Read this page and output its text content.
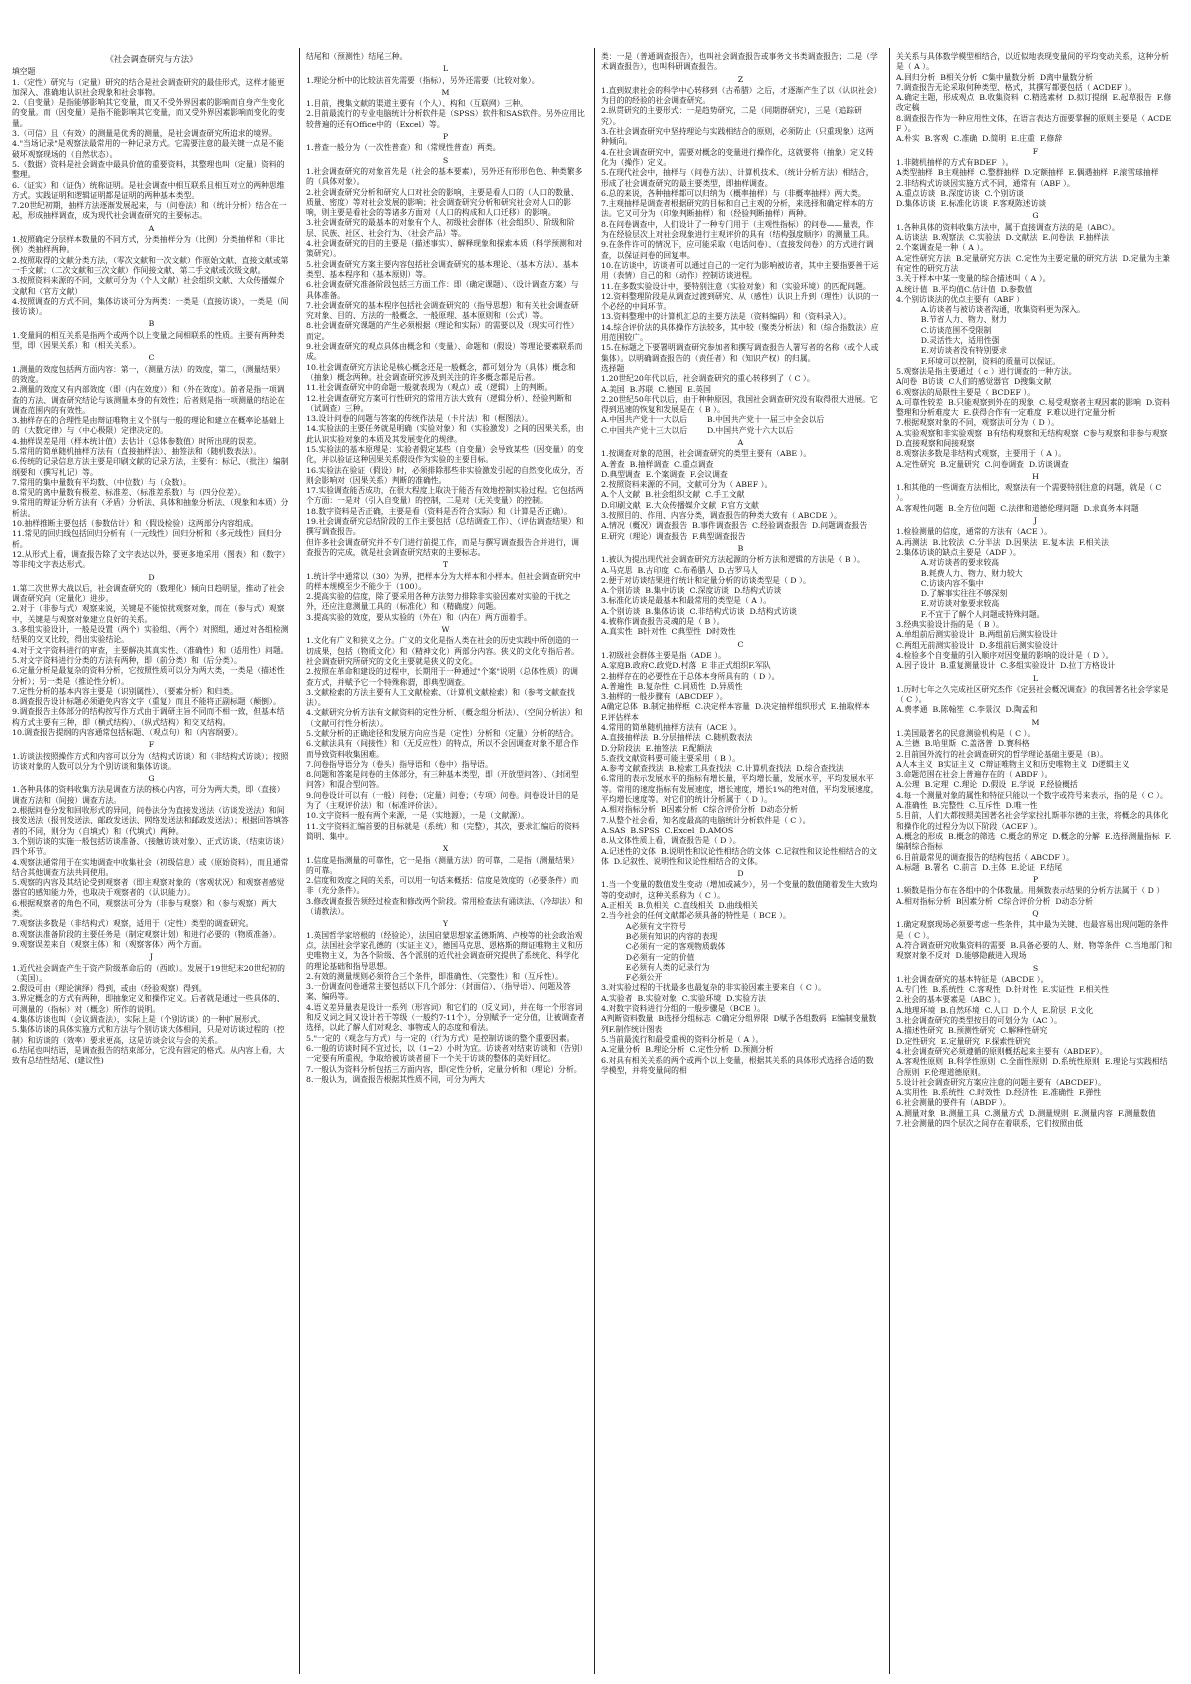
《社会调查研究与方法》
填空题
1.（定性）研究与（定量）研究的结合是社会调查研究的最佳形式，这样才能更加深入、准确地认识社会现象和社会事物。
2.（自变量）是指能够影响其它变量，而又不受外界因素的影响而自身产生变化的变量。而（因变量）是指不能影响其它变量，而又受外界因素影响而变化的变量。
3.（可信）且（有效）的测量是优秀的测量，是社会调查研究所追求的境界。
4."当场记录"是观察法最常用的一种记录方式。它需要注意的最关键一点是不能破坏观察现场的（自然状态）。
5.（数据）资料是社会调查中最具价值的重要资料，其整理也叫（定量）资料的整理。
6.（证实）和（证伪）统称证明。是社会调查中相互联系且相互对立的两种思维方式。实践证明和逻辑证明都是证明的两种基本类型。
7.20世纪初期，抽样方法逐渐发展起来，与（问卷法）和（统计分析）结合在一起，形成抽样调查，成为现代社会调查研究的主要标志。
A
1.按照确定分层样本数量的不同方式，分类抽样分为（比例）分类抽样和（非比例）类抽样两种。
2.按照取得的文献分类方法，（零次文献和一次文献）作原始文献、直接文献或第一手文献；（二次文献和三次文献）作间接文献、第二手文献或次级文献。
3.按照资料来源的不同，文献可分为（个人文献）社会组织文献、大众传播媒介文献和（官方文献）
4.按照调查的方式不同，集体访谈可分为两类：一类是（直接访谈），一类是（间接访谈）。
B
1.变量间的相互关系是指两个或两个以上变量之间相联系的性质。主要有两种类型，即（因果关系）和（相关关系）。
C
1.测量的效度包括两方面内容：第一，（测量方法）的效度，第二，（测量结果）的效度。
2.测量的效度又有内部效度（即（内在效度））和（外在效度）。前者是指一项调查的方法、调查研究结论与该测量本身的有效性；后者则是指一项测量的结论在调查范围内的有效性。
3.抽样存在的合理性是由辩证唯物主义个别与一般的理论和建立在概率论基础上的（大数定律）与（中心极限）定律决定的。
4.抽样误差是用（样本统计值）去估计（总体参数值）时所出现的误差。
5.常用的简单随机抽样方法有（直接抽样法）、抽签法和（随机数表法）。
6.传统的记录信息方法主要是印刷文献的记录方法，主要有：标记、（批注）编制纲要和（撰写札记）等。
7.常用的集中量数有平均数、（中位数）与（众数）。
8.常见的离中量数有极差、标准差、（标准差系数）与（四分位差）。
9.常用的辩证分析方法有（矛盾）分析法、具体和抽象分析法、（现象和本质）分析法。
10.抽样推断主要包括（参数估计）和（假设检验）这两部分内容组成。
11.常见的回归线包括回归分析有（一元线性）回归分析和（多元线性）回归分析。
12.从形式上看，调查报告除了文字表达以外，要更多地采用（图表）和（数字）等非纯文字表达形式。
D
1.第二次世界大战以后，社会调查研究的（数理化）倾向日趋明显，推动了社会调查研究向（定量化）进步。
2.对于（非参与式）观察来说，关键是不能惊扰观察对象，而在（参与式）观察中，关键是与观察对象建立良好的关系。
3.多组实验设计，一般是设置（两个）实验组、（两个）对照组，通过对各组检测结果的交叉比较，得出实验结论。
4.对于文字资料进行的审查，主要解决其真实性、（准确性）和（适用性）问题。
5.对文字资料进行分类的方法有两种，即（前分类）和（后分类）。
6.定量分析是最复杂的资料分析，它按照性质可以分为两大类，一类是（描述性分析）；另一类是（推论性分析）。
7.定性分析的基本内容主要是（识别属性）、（要素分析）和归类。
8.调查报告设计标题必须避免内容文字（重复）而且不能将正副标题（颠倒）。
9.调查报告主体部分的结构按写作方式由于调研主旨不同而不相一致，但基本结构方式主要有三种，即（横式结构）、（纵式结构）和交叉结构。
10.调查报告提纲的内容通常包括标题、（观点句）和（内容纲要）。
F
1.访谈法按照操作方式和内容可以分为（结构式访谈）和（非结构式访谈）；按照访谈对象的人数可以分为个别访谈和集体访谈。
G
1.各种具体的资料收集方法是调查方法的核心内容，可分为两大类，即（直接）调查方法和（间接）调查方法。
2.根据问卷分发和回收形式的异同，问卷法分为直接发送法（访谈发送法）和间接发送法（报刊发送法、邮政发送法、网络发送法和邮政发送法）；根据回答填答者的不同，则分为（自填式）和（代填式）两种。
3.个别访谈的实施一般包括访谈准备、（接触访谈对象）、正式访谈、（结束访谈）四个环节。
4.观察法通常用于在实地调查中收集社会（初级信息）或（原始资料），而且通常结合其他调查方法共同使用。
5.观察的内容及其结论受到观察者（即主观察对象的（客观状况）和观察者感觉器官的感知能力外，也取决于观察者的（认识能力）。
6.根据观察者的角色不同，观察法可分为（非参与观察）和（参与观察）两大类。
7.观察法多数是（非结构式）观察，适用于（定性）类型的调查研究。
8.观察法准备阶段的主要任务是（制定观察计划）和进行必要的（物质准备）。
9.观察误差来自（观察主体）和（观察客体）两个方面。
J
1.近代社会调查产生于资产阶级革命后的（西欧）。发展于19世纪末20世纪初的（美国）。
2.假设可由（理论演绎）得到，或由（经验观察）得到。
3.界定概念的方式有两种，即抽象定义和操作定义。后者就是通过一些具体的、可测量的（指标）对（概念）所作的说明。
4.集体访谈也叫（会议调查法），实际上是（个别访谈）的一种扩展形式。
5.集体访谈的具体实施方式和方法与个别访谈大体相同，只是对访谈过程的（控制）和访谈的（效率）要求更高，这是访谈会议与会的关系。
6.结尾也叫结语，是调查报告的结束部分，它没有固定的格式。从内容上看，大致有总结性结尾、(建议性)
结尾和（预测性）结尾三种。
L
1.理论分析中的比较法首先需要（指标），另外还需要（比较对象）。
M
1.目前，搜集文献的渠道主要有（个人）、构和（互联网）三种。
2.目前最流行的专业电脑统计分析软件是（SPSS）软件和SAS软件。另外应用比较普遍的还有Office中的（Excel）等。
P
1.普查一般分为（一次性普查）和（常规性普查）两类。
S
1.社会调查研究的对象首先是（社会的基本要素），另外还有形形色色、种类繁多的（具体对象）。
2.社会调查研究分析和研究人口对社会的影响，主要是看人口的（人口的数量、质量、密度）等对社会发展的影响；社会调查研究分析和研究社会对人口的影响，则主要是看社会的等诸多方面对（人口的构成和人口迁移）的影响。
3.社会调查研究的最基本的对象有个人、初级社会群体（社会组织）、阶级和阶层、民族、社区、社会行为、（社会产品）等。
4.社会调查研究的目的主要是（描述事实）、解释现象和探索本质（科学预测和对策研究）。
5.社会调查研究方案主要内容包括社会调查研究的基本理论、（基本方法）、基本类型、基本程序和（基本原则）等。
6.社会调查研究准备阶段包括三方面工作：即（确定课题）、（设计调查方案）与具体准备。
7.社会调查研究的基本程序包括社会调查研究的（指导思想）和有关社会调查研究对象、目的、方法的一般概念、一般原理、基本原则和（公式）等。
8.社会调查研究课题的产生必须根据（理论和实际）的需要以及（现实可行性）而定。
9.社会调查研究的观点具体由概念和（变量）、命题和（假设）等理论要素联系而成。
10.社会调查研究方法论是核心概念还是一般概念，都可划分为（具体）概念和（抽象）概念两种。社会调查研究涉及到关注的许多概念都是后者。
11.社会调查研究中的命题一般就表现为（观点）或（逻辑）上的判断。
12.社会调查研究方案可行性研究的常用方法大致有（逻辑分析）、经验判断和（试调查）三种。
13.设计问卷的问题与答案的传统作法是（卡片法）和（框图法）。
14.实验法的主要任务就是明确（实验对象）和（实验激发）之间的因果关系，由此认识实验对象的本质及其发展变化的规律。
15.实验法的基本原理是：实验者假定某些（自变量）会导致某些（因变量）的变化，并以验证这种因果关系假设作为实验的主要目标。
16.实验法在验证（假设）时，必须排除那些非实验激发引起的自然变化成分，否则会影响对（因果关系）判断的准确性。
17.实验调查能否成功，在很大程度上取决于能否有效地控制实验过程。它包括两个方面：一是对（引入自变量）的控制，二是对（无关变量）的控制。
18.数字资料是否正确，主要是看（资料是否符合实际）和（计算是否正确）。
19.社会调查研究总结阶段的工作主要包括（总结调查工作）、（评估调查结果）和撰写调查报告。
但许多社会调查研究并不专门进行前提工作，而是与撰写调查报告合并进行，调查报告的完成，就是社会调查研究结束的主要标志。
T
1.统计学中通常以（30）为界，把样本分为大样本和小样本。但社会调查研究中的样本规模至少不能少于（100）。
2.提高实验的信度，除了要采用各种方法努力排除非实验因素对实验的干扰之外，还应注意测量工具的（标准化）和（精确度）问题。
3.提高实验的效度，要从实验的（外在）和（内在）两方面着手。
W
1.文化有广义和狭义之分。广义的文化是指人类在社会的历史实践中所创造的一切成果，包括（物质文化）和（精神文化）两部分内容。狭义的文化专指后者。社会调查研究所研究的文化主要就是狭义的文化。
2.按照在革命和建设的过程中，长期用于一种通过"个案"说明（总体性质）的调查方式，并赋予它一个特殊称谓，即典型调查。
3.文献检索的方法主要有人工文献检索、（计算机文献检索）和（参考文献查找法）。
4.文献研究分析方法有文献资料的定性分析、（概念组分析法）、（空间分析法）和（文献可行性分析法）。
5.文献分析的正确途径和发展方向应当是（定性）分析和（定量）分析的结合。
6.文献法具有（间接性）和（无反应性）的特点，所以不会因调查对象不愿合作而导致资料收集困难。
7.问卷指导语分为（卷头）指导语和（卷中）指导语。
8.问题和答案是问卷的主体部分，有三种基本类型，即（开放型问答）、（封闭型问答）和混合型问答。
9.问卷设计可以有（一般）问卷；（定量）问卷；（专项）问卷。问卷设计目的是为了（主观评价法）和（标准评价法）。
10.文字资料一般有两个来源，一是（实地源），一是（文献源）。
11.文字资料汇编首要的目标就是（系统）和（完整），其次，要求汇编后的资料简明、集中。
X
1.信度是指测量的可靠性，它一是指（测量方法）的可靠，二是指（测量结果）的可靠。
2.信度和效度之间的关系，可以用一句话来概括：信度是效度的（必要条件）而非（充分条件）。
3.修改调查报告须经过检查和修改两个阶段。常用检查法有诵读法、（冷却法）和（请教法）。
Y
1.英国哲学家培根的（经验论），法国启蒙思想家孟德斯鸠、卢梭等的社会政治观点，法国社会学家孔德的（实证主义），德国马克思、恩格斯的辩证唯物主义和历史唯物主义，为各个阶级、各个派别的近代社会调查研究提供了系统化、科学化的理论基础和指导思想。
2.有效的测量规则必须符合三个条件，即准确性、（完整性）和（互斥性）。
3.一份调查问卷通常主要包括以下几个部分：（封面信）、（指导语）、问题及答案、编码等。
4.语义差异量表是设计一系列（形容词）和它们的（反义词），并在每一个形容词和反义词之间又设计若干等级（一般约7-11个），分别赋予一定分值，让被调查者选择，以此了解人们对观念、事物或人的态度和看法。
5."一定的（观念与方式）与一定的（行为方式）是控制访谈的整个重要因素。
6.一般的访谈时间不宜过长，以（1~2）小时为宜。访谈者对结束访谈和（告别）一定要有所重视，争取给被访谈者留下一个关于访谈的整体的美好回忆。
7.一般认为资料分析包括三方面内容，即(定性分析，定量分析和（理论）分析。
8.一般认为，调查报告根据其性质不同，可分为两大
类：一是（普通调查报告），也叫社会调查报告或事务文书类调查报告；二是（学术调查报告），也叫科研调查报告。
Z
1.直到奴隶社会的科学中心转移到（古希腊）之后，才逐渐产生了以（认识社会）为目的的经验的社会调查研究。
2.纵贯研究的主要形式：一是趋势研究，二是（同期群研究），三是（追踪研究）。
3.在社会调查研究中坚持理论与实践相结合的原则，必须防止（只重现象）这两种倾向。
4.在社会调查研究中，需要对概念的变量进行操作化，这就要将（抽象）定义转化为（操作）定义。
5.在现代社会中，抽样与（问卷方法）、计算机技术、（统计分析方法）相结合，形成了社会调查研究的最主要类型，即抽样调查。
6.总的来说，各种抽样都可以归纳为（概率抽样）与（非概率抽样）两大类。
7.主观抽样是调查者根据研究的目标和自己主观的分析，来选择和确定样本的方法。它又可分为（印象判断抽样）和（经验判断抽样）两种。
8.在问卷调查中，人们设计了一种专门用于（主观性指标）的问卷——量表，作为在经验层次上对社会现象进行主观评价的具有（结构强度顺序）的测量工具。
9.在条件许可的情况下，应可能采取（电话问卷）、（直接发问卷）的方式进行调查，以保证问卷的回复率。
10.在访谈中，访谈者可以通过自己的一定行为影响被访者，其中主要指要善于运用（表情）自己的和（动作）控制访谈进程。
11.在多数实验设计中，要特别注意（实验对象）和（实验环境）的匹配问题。
12.资料整理阶段是从调查过渡到研究、从（感性）认识上升到（理性）认识的一个必经的中间环节。
13.资料整理中的计算机汇总的主要方法是（资料编码）和（资料录入）。
14.综合评价法的具体操作方法较多，其中较（聚类分析法）和（综合指数法）应用范围较广。
15.在标题之下要署明调查研究参加者和撰写调查报告人署写者的名称（或个人或集体）。以明确调查报告的（责任者）和（知识产权）的归属。
选择题
1.20世纪20年代以后，社会调查研究的重心转移到了（ C ）。
A.美国  B.苏联  C.德国  E.英国
2.20世纪50年代以后，由于种种原因，我国社会调查研究没有取得很大进展。它得到迅速的恢复和发展是在（ B ）。
A.中国共产党十一大以后        B.中国共产党十一届三中全会以后
C.中国共产党十三大以后        D.中国共产党十六大以后
A
1.按调查对象的范围，社会调查研究的类型主要有（ABE ）。
A.普查  B.抽样调查  C.重点调查
D.典型调查  E.个案调查  F.会议调查
2.按照资料来源的不同，文献可分为（ ABEF ）。
A.个人文献  B.社会组织文献  C.手工文献
D.印刷文献  E.大众传播媒介文献  F.官方文献
3.按照目的、作用、内容分类，调查报告的种类大致有（ ABCDE ）。
A.情况（概况）调查报告  B.事件调查报告  C.经验调查报告  D.问题调查报告  E.研究（理论）调查报告  F.典型调查报告
B
1.被认为提出现代社会调查研究方法起源的分析方法和逻辑的方法是（ B ）。
A.马克思  B.古印度  C.布希腊人  D.古罗马人
2.便于对访谈结果进行统计和定量分析的访谈类型是（ D ）。
A.个别访谈  B.集中访谈  C.深度访谈  D.结构式访谈
3.标准化访谈是最基本和最常用的类型是（ A ）。
A.个别访谈  B.集体访谈  C.非结构式访谈  D.结构式访谈
4.被称作调查报告灵魂的是（ B ）。
A.真实性  B针对性  C典型性  D时效性
C
1.初级社会群体主要是指（ADE ）。
A.家庭B.政府C.政党D.村落  E 非正式组织F.军队
2.抽样存在的必要性在于总体本身所具有的（ D ）。
A.普遍性  B.复杂性  C.同质性  D.异质性
3.抽样的一般步骤有（ABCDEF ）。
A确定总体  B.制定抽样框  C.决定样本容量  D.决定抽样组织形式  E.抽取样本  F.评估样本
4.常用的简单随机抽样方法有（ACE ）。
A.直接抽样法  B.分层抽样法  C.随机数表法
D.分阶段法  E.抽签法  F.配额法
5.查找文献资料要可能主要采用（ B ）。
A.参考文献查找法  B.检索工具查找法  C.计算机查找法  D.综合查找法
6.常用的表示发展水平的指标有增长量，平均增长量，发展水平，平均发展水平等。常用的速度指标有发展速度，增长速度，增长1%的绝对值，平均发展速度，平均增长速度等。对它们的统计分析属于（ D ）。
A.相对指标分析  B因素分析  C综合评价分析  D动态分析
7.从整个社会看，知名度最高的电脑统计分析软件是（ C ）。
A.SAS  B.SPSS  C.Excel  D.AMOS
8.从文体性质上看，调查报告是（ D ）。
A.记述性的文体  B.说明性和议论性相结合的文体  C.记叙性和议论性相结合的文体  D.记叙性、说明性和议论性相结合的文体。
D
1.当一个变量的数值发生变动（增加或减少），另一个变量的数值随着发生大致均等的变动时，这种关系称为（ C ）。
A.正相关  B.负相关  C.直线相关  D.曲线相关
2.当今社会的任何文献都必须具备的特性是（ BCE ）。
A必须有文字符号
B必须有知识的内容的表现
C必须有一定的客观物质载体
D必须有一定的价值
E必须有人类的记录行为
F必须公开
3.对实验过程的干扰最多也最复杂的非实验因素主要来自（ C ）。
A.实验者  B.实验对象  C.实验环境  D.实验方法
4.对数字资料进行分组的一般步骤是（BCE ）。
A判断资料数量  B选择分组标志  C确定分组界限  D赋予各组数码  E编制变量数列F.制作统计图表
5.当前最流行和最受重视的资料分析是（ A ）。
A.定量分析  B.理论分析  C.定性分析  D.预测分析
6.对具有相关关系的两个或两个以上变量，根据其关系的具体形式选择合适的数学模型，并将变量间的相
关关系与具体数学模型相结合，以近似地表现变量间的平均变动关系，这种分析是（ A ）。
A.回归分析  B相关分析  C集中量数分析  D离中量数分析
7.调查报告无论采取何种类型、格式，其撰写都要包括（ ACDEF ）。
A.确定主题，形成观点  B.收集资料  C.精选素材  D.拟订提纲  E.起草报告  F.修改定稿
8.调查报告作为一种应用性文体，在语言表达方面要掌握的原则主要是（ ACDEF ）。
A.朴实  B.客观  C.准确  D.简明  E.庄重  F.修辞
F
1.非随机抽样的方式有BDEF  ）。
A类型抽样  B主观抽样  C.整群抽样  D.定额抽样  E.偶遇抽样  F.滚雪球抽样
2.非结构式访谈因实施方式不同，通常有（ABF ）。
A.重点访谈  B.深度访谈  C.个别访谈
D.集体访谈  E.标准化访谈  F.客观陈述访谈
G
1.各种具体的资料收集方法中，属于直接调查方法的是（ABC）。
A.访谈法  B.观察法  C.实验法  D.文献法  E.问卷法  F.抽样法
2.个案调查是一种（ A ）。
A.定性研究方法  B.定量研究方法  C.定性为主要定量的研究方法  D.定量为主兼有定性的研究方法
3.关于样本中某一变量的综合描述叫（ A ）。
A.统计值  B.平均值C.估计值  D.参数值
4.个别访谈法的优点主要有（ABF ）
A.访谈者与被访谈者沟通，收集资料更为深入。
B.节省人力、物力、财力
C.访谈范围不受限制
D.灵活性大，适用性强
E.对访谈者没有特别要求
F.环境可以控制，资料的质量可以保证。
5.观察法是指主要通过（ c ）进行调查的一种方法。
A问卷  B访谈  C人们的感觉器官  D搜集文献
6.观察法的局限性主要是（ BCDEF ）。
A.可靠性较差  B.只能观察到外在的现象  C.易受观察者主观因素的影响  D.资料整理和分析难度大  E.获得合作有一定难度  F.难以进行定量分析
7.根据观察对象的不同，观察法可分为（ D ）。
A.实验观察和非实验观察  B有结构观察和无结构观察  C参与观察和非参与观察  D.直接观察和间接观察
8.观察法多数是非结构式观察，主要用于（ A ）。
A.定性研究  B.定量研究  C.问卷调查  D.访谈调查
H
1.和其他的一些调查方法相比，观察法有一个需要特别注意的问题，就是（ C ）。
A.客观性问题  B.全方位问题  C.法律和道德伦理问题  D.求真务本问题
J
1.检验测量的信度，通常的方法有（ACE ）。
A.再测法  B.比较法  C.分半法  D.因果法  E.复本法  F.相关法
2.集体访谈的缺点主要是（ADF ）。
A.对访谈者的要求较高
B.耗费人力、物力、财力较大
C.访谈内容不集中
D.了解事实往往不够深刻
E.对访谈对象要求较高
F.不宜于了解个人问题或特殊问题。
3.经典实验设计指的是（ B ）。
A.单组前后测实验设计  B.两组前后测实验设计
C.两组无前测实验设计  D.多组前后测实验设计
4.检验多个自变量的引入顺序对因变量的影响的设计是（ D ）。
A.因子设计  B.重复测量设计  C.多组实验设计  D.拉丁方格设计
L
1.历时七年之久完成社区研究杰作《定县社会概况调查》的我国著名社会学家是（ C ）。
A.费孝通  B.陈翰笙  C.李景汉  D.陶孟和
M
1.美国最著名的民意测验机构是（ C ）。
A.兰德  B.哈里斯  C.盖洛普  D.赛科格
2.目前国外流行的社会调查研究的哲学理论基础主要是（B）。
A人本主义  B实证主义  C辩证唯物主义和历史唯物主义  D逻辑主义
3.命题范围在社会上普遍存在的（ ABDF ）。
A.公理  B.定理  C.理论  D.假设  E.学说  F.经验概括
4.每一个测量对象的属性和特征只能以一个数字或符号来表示，指的是（ C ）。
A.准确性  B.完整性  C.互斥性  D.唯一性
5.目前，人们大都按照美国著名社会学家拉扎斯菲尔德的主张，将概念的具体化和操作化的过程分为以下阶段（ACEF ）。
A.概念的形成  B.概念的筛选  C.概念的界定  D.概念的分解  E.选择测量指标  F.编制综合指标
6.目前最常见的调查报告的结构包括（ ABCDF ）。
A.标题  B.署名  C.前言  D.主体  E.论证  F.结尾
P
1.频数是指分布在各组中的个体数量。用频数表示结果的分析方法属于（ D ）
A.相对指标分析  B因素分析  C综合评价分析  D动态分析
Q
1.确定观察现场必须要考虑一些条件，其中最为关键、也最容易出现问题的条件是（ C ）。
A.符合调查研究收集资料的需要  B.具备必要的人、财、物等条件  C.当地部门和观察对象不反对  D.能够隐蔽进入现场
S
1.社会调查研究的基本特征是（ABCDE ）。
A.专门性  B.系统性  C.客观性  D.针对性  E.实证性  F.相关性
2.社会的基本要素是（ABC ）。
A.地理环境  B.自然环境  C.人口  D.个人  E.阶层  F.文化
3.社会调查研究的类型按目的可划分为（AC ）。
A.描述性研究  B.预测性研究  C.解释性研究
D.定性研究  E.定量研究  F.探索性研究
4.社会调查研究必须遵循的原则概括起来主要有（ABDEF）。
A.客观性原则  B.科学性原则  C.全面性原则  D.系统性原则  E.理论与实践相结合原则  F.伦理道德原则。
5.设计社会调查研究方案应注意的问题主要有（ABCDEF）。
A.实用性  B.系统性  C.时效性  D.经济性  E.准确性  F.弹性
6.社会测量的要件有（ABDF ）。
A.测量对象  B.测量工具  C.测量方式  D.测量规则  E.测量内容  F.测量数值
7.社会测量的四个层次之间存在着联系，它们按照由低
